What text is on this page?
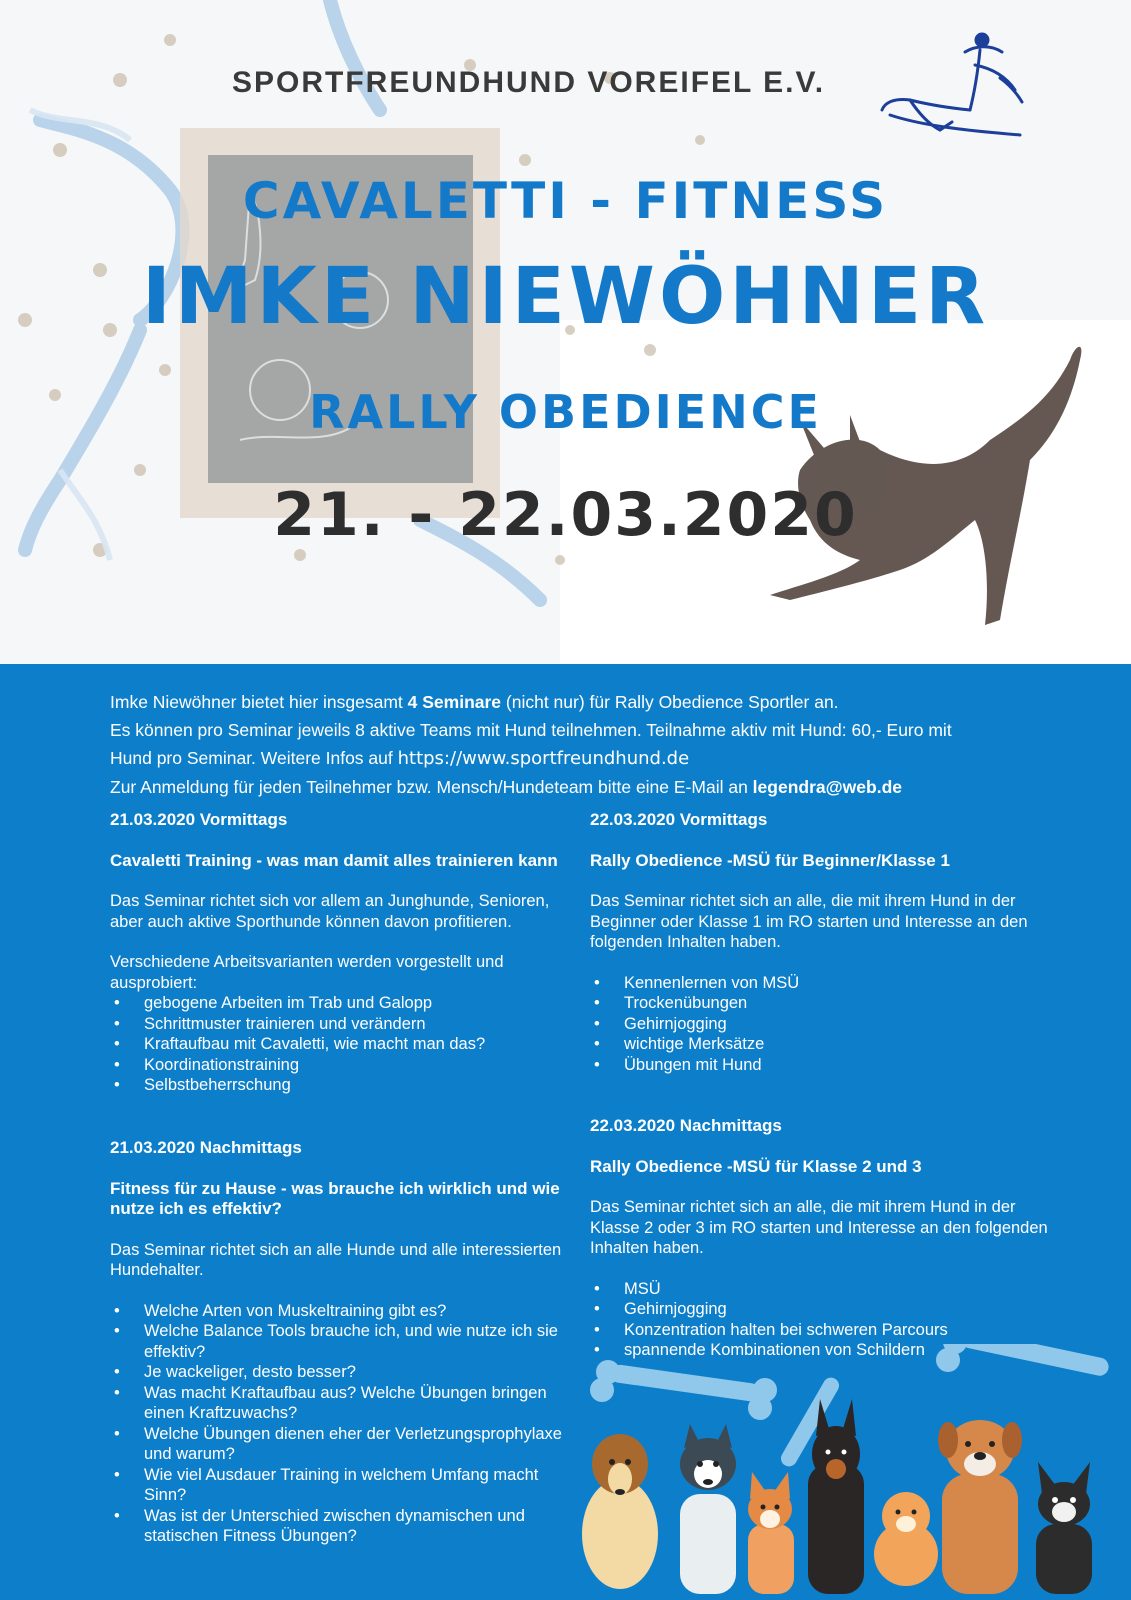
SPORTFREUNDHUND VOREIFEL E.V.
CAVALETTI - FITNESS
IMKE NIEWÖHNER
RALLY OBEDIENCE
21. - 22.03.2020

Imke Niewöhner bietet hier insgesamt 4 Seminare (nicht nur) für Rally Obedience Sportler an.

Es können pro Seminar jeweils 8 aktive Teams mit Hund teilnehmen. Teilnahme aktiv mit Hund: 60,- Euro mit

Hund pro Seminar. Weitere Infos auf https://www.sportfreundhund.de

Zur Anmeldung für jeden Teilnehmer bzw. Mensch/Hundeteam bitte eine E-Mail an legendra@web.de

21.03.2020 Vormittags
Cavaletti Training - was man damit alles trainieren kann

Das Seminar richtet sich vor allem an Junghunde, Senioren, aber auch aktive Sporthunde können davon profitieren.

Verschiedene Arbeitsvarianten werden vorgestellt und ausprobiert:

• gebogene Arbeiten im Trab und Galopp
• Schrittmuster trainieren und verändern
• Kraftaufbau mit Cavaletti, wie macht man das?
• Koordinationstraining
• Selbstbeherrschung
21.03.2020 Nachmittags
Fitness für zu Hause - was brauche ich wirklich und wie nutze ich es effektiv?

Das Seminar richtet sich an alle Hunde und alle interessierten Hundehalter.

• Welche Arten von Muskeltraining gibt es?
• Welche Balance Tools brauche ich, und wie nutze ich sie effektiv?
• Je wackeliger, desto besser?
• Was macht Kraftaufbau aus? Welche Übungen bringen einen Kraftzuwachs?
• Welche Übungen dienen eher der Verletzungsprophylaxe und warum?
• Wie viel Ausdauer Training in welchem Umfang macht Sinn?
• Was ist der Unterschied zwischen dynamischen und statischen Fitness Übungen?
22.03.2020 Vormittags
Rally Obedience -MSÜ für Beginner/Klasse 1

Das Seminar richtet sich an alle, die mit ihrem Hund in der Beginner oder Klasse 1 im RO starten und Interesse an den folgenden Inhalten haben.

• Kennenlernen von MSÜ
• Trockenübungen
• Gehirnjogging
• wichtige Merksätze
• Übungen mit Hund
22.03.2020 Nachmittags
Rally Obedience -MSÜ für Klasse 2 und 3

Das Seminar richtet sich an alle, die mit ihrem Hund in der Klasse 2 oder 3 im RO starten und Interesse an den folgenden Inhalten haben.

• MSÜ
• Gehirnjogging
• Konzentration halten bei schweren Parcours
• spannende Kombinationen von Schildern
